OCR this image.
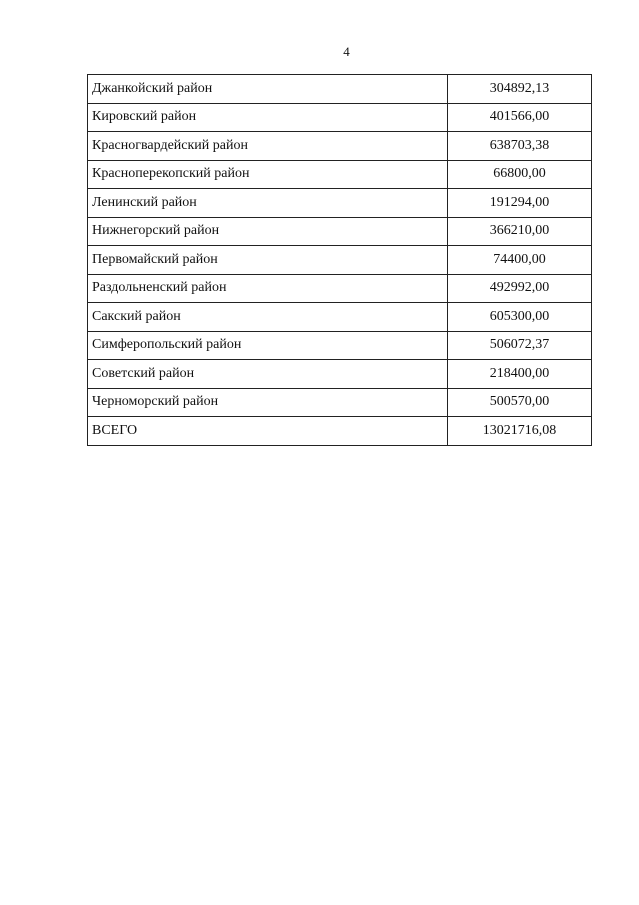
4
Джанкойский район	304892,13
Кировский район	401566,00
Красногвардейский район	638703,38
Красноперекопский район	66800,00
Ленинский район	191294,00
Нижнегорский район	366210,00
Первомайский район	74400,00
Раздольненский район	492992,00
Сакский район	605300,00
Симферопольский район	506072,37
Советский район	218400,00
Черноморский район	500570,00
ВСЕГО	13021716,08
